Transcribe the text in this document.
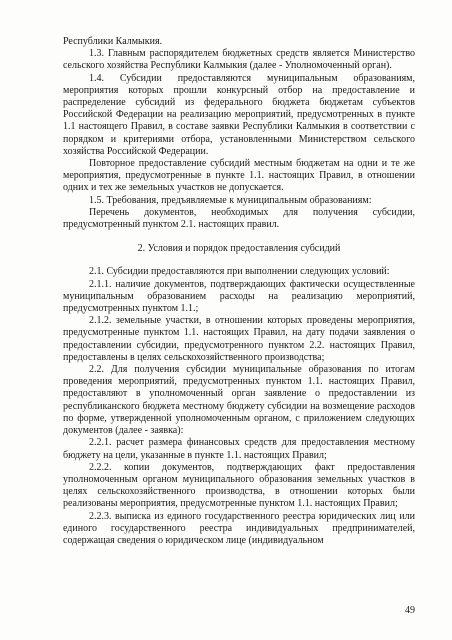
Республики Калмыкия.

1.3. Главным распорядителем бюджетных средств является Министерство сельского хозяйства Республики Калмыкия (далее - Уполномоченный орган).

1.4. Субсидии предоставляются муниципальным образованиям, мероприятия которых прошли конкурсный отбор на предоставление и распределение субсидий из федерального бюджета бюджетам субъектов Российской Федерации на реализацию мероприятий, предусмотренных в пункте 1.1 настоящего Правил, в составе заявки Республики Калмыкия в соответствии с порядком и критериями отбора, установленными Министерством сельского хозяйства Российской Федерации.

Повторное предоставление субсидий местным бюджетам на одни и те же мероприятия, предусмотренные в пункте 1.1. настоящих Правил, в отношении одних и тех же земельных участков не допускается.

1.5. Требования, предъявляемые к муниципальным образованиям:

Перечень документов, необходимых для получения субсидии, предусмотренный пунктом 2.1. настоящих правил.

2. Условия и порядок предоставления субсидий

2.1. Субсидии предоставляются при выполнении следующих условий:

2.1.1. наличие документов, подтверждающих фактически осуществленные муниципальным образованием расходы на реализацию мероприятий, предусмотренных пунктом 1.1.;

2.1.2. земельные участки, в отношении которых проведены мероприятия, предусмотренные пунктом 1.1. настоящих Правил, на дату подачи заявления о предоставлении субсидии, предусмотренного пунктом 2.2. настоящих Правил, предоставлены в целях сельскохозяйственного производства;

2.2. Для получения субсидии муниципальные образования по итогам проведения мероприятий, предусмотренных пунктом 1.1. настоящих Правил, предоставляют в уполномоченный орган заявление о предоставлении из республиканского бюджета местному бюджету субсидии на возмещение расходов по форме, утвержденной уполномоченным органом, с приложением следующих документов (далее - заявка):

2.2.1. расчет размера финансовых средств для предоставления местному бюджету на цели, указанные в пункте 1.1. настоящих Правил;

2.2.2. копии документов, подтверждающих факт предоставления уполномоченным органом муниципального образования земельных участков в целях сельскохозяйственного производства, в отношении которых были реализованы мероприятия, предусмотренные пунктом 1.1. настоящих Правил;

2.2.3. выписка из единого государственного реестра юридических лиц или единого государственного реестра индивидуальных предпринимателей, содержащая сведения о юридическом лице (индивидуальном

49
